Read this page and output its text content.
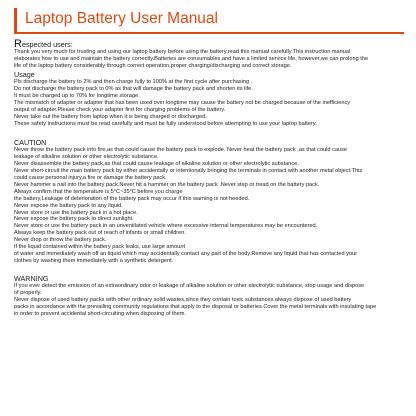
Laptop Battery User Manual
Respected users:

Thank you very much for trusting and using our laptop battery before using the battery,read this manual carefully.This instruction manual

elaborates how to use and maintain the battery correctly.Batteries are consumables,and have a limited service life, however,we can prolong the

life of the laptop battery considerably through correct operation,proper charging/discharging and correct storage.

Usage

Pls discharge the battery to 2% and then charge fully to 100% at the first cycle after purchasing .

Do not discharge the battery pack to 0% as that will damage the battery pack and shorten its life.

It must be charged up to 70% for longtime storage.

The mismatch of adapter or adapter that has been used over longtime may cause the battery not be charged because of the inefficiency

output of adapter.Please check your adapter first for charging problems of the battery.

Never take out the battery from laptop when it is being charged or discharged.

These safety instructions must be read carefully and must be fully understood before attempting to use your laptop battery.

CAUTION

Never throw the battery pack into fire,as that could cause the battery pack to explode. Never heat the battery pack ,as that could cause

leakage of alkaline solution or other electrolytic substance.

Never disassemble the battery pack,as that could cause leakage of alkaline solution or other electrolytic substance.

Never short-circuit the main battery pack by either accidentally or intentionally bringing the terminals in contact with another metal object.This

could cause personal injury,a fire or damage the battery pack.

Never hammer a nail into the battery pack.Never hit a hammer on the battery pack .Never step or tread on the battery pack.

Always confirm that the temperature is 5°C~35°C before you charge

the battery,Leakage of deterioration of the battery pack may occur if this warning is not heeded.

Never expose the battery pack to any liquid.

Never store or use the battery pack in a hot place.

Never expose the battery pack to direct sunlight.

Never store or use the battery pack in an unventilated vehicle where excessive internal temperatures may be encountered.

Always keep the battery pack out of reach of infants or small children.

Never drop or throw the battery pack.

If the liquid contained within the battery pack leaks, use large amount

of water and immediately wash off an liquid which may accidentally contact any part of the body.Remove any liquid that has contacted your

clothes by washing them immediately with a synthetic detergent.

WARNING

If you ever detect the emission of an extraordinary odor or leakage of alkaline solution or other electrolytic substance, stop usage and dispose

of properly.

Never dispose of used battery packs with other ordinary solid wastes,since they contain toxic substances.always dispose of used battery

packs in accordance with the prevailing community regulations that apply to the disposal or batteries.Cover the metal terminals with insulating tape

in order to prevent accidental short-circuiting when disposing of them.
